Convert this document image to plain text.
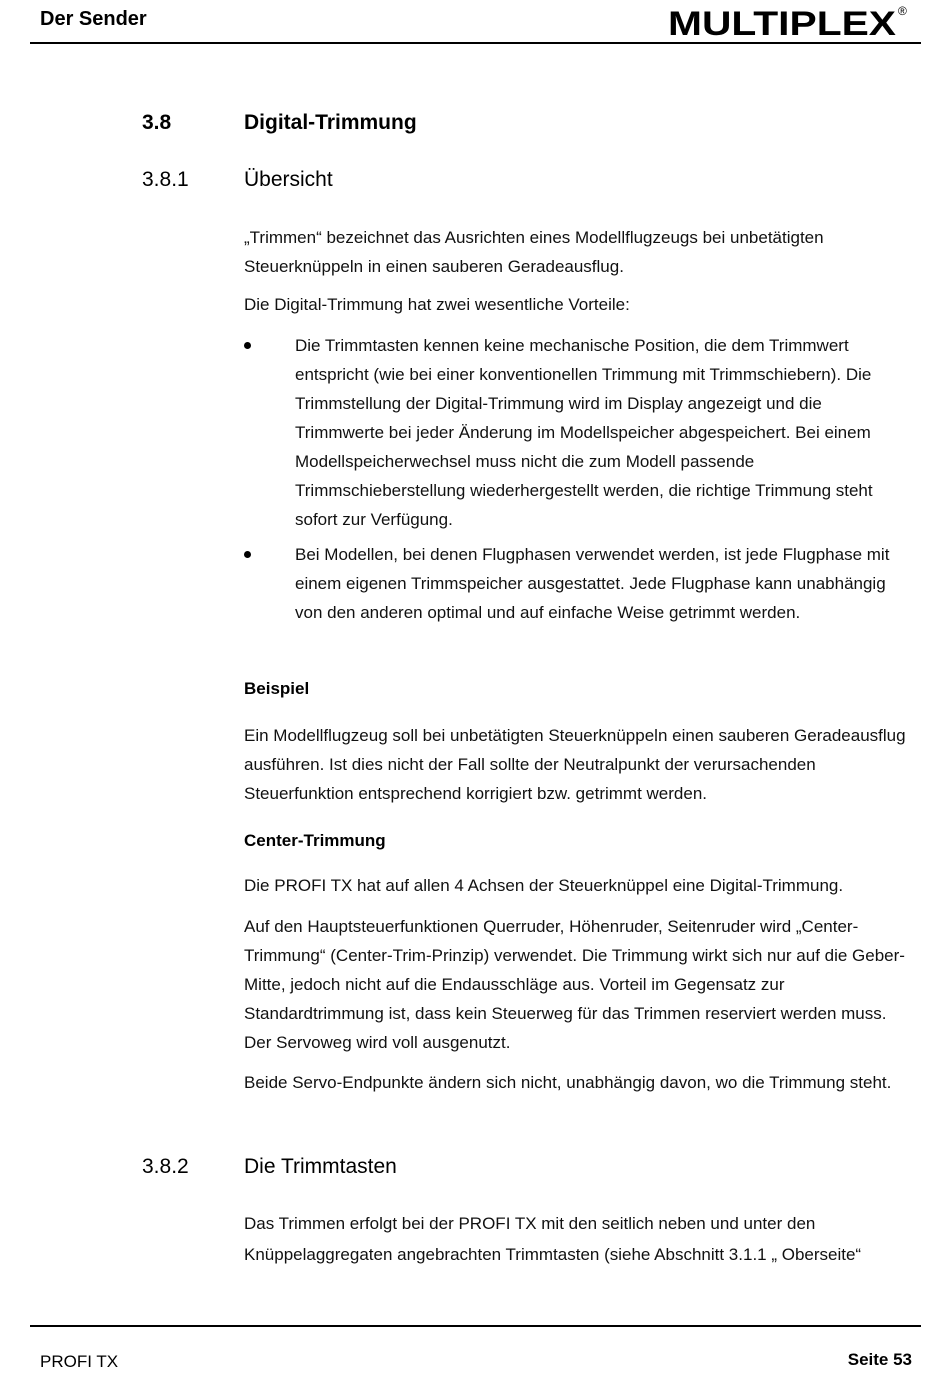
Der Sender	MULTIPLEX ®
3.8	Digital-Trimmung
3.8.1	Übersicht

„Trimmen“ bezeichnet das Ausrichten eines Modellflugzeugs bei unbetätigten Steuerknüppeln in einen sauberen Geradeausflug.

Die Digital-Trimmung hat zwei wesentliche Vorteile:

Die Trimmtasten kennen keine mechanische Position, die dem Trimmwert entspricht (wie bei einer konventionellen Trimmung mit Trimmschiebern). Die Trimmstellung der Digital-Trimmung wird im Display angezeigt und die Trimmwerte bei jeder Änderung im Modellspeicher abgespeichert. Bei einem Modellspeicherwechsel muss nicht die zum Modell passende Trimmschieberstellung wiederhergestellt werden, die richtige Trimmung steht sofort zur Verfügung.
Bei Modellen, bei denen Flugphasen verwendet werden, ist jede Flugphase mit einem eigenen Trimmspeicher ausgestattet. Jede Flugphase kann unabhängig von den anderen optimal und auf einfache Weise getrimmt werden.
Beispiel

Ein Modellflugzeug soll bei unbetätigten Steuerknüppeln einen sauberen Geradeausflug ausführen. Ist dies nicht der Fall sollte der Neutralpunkt der verursachenden Steuerfunktion entsprechend korrigiert bzw. getrimmt werden.

Center-Trimmung

Die PROFI TX hat auf allen 4 Achsen der Steuerknüppel eine Digital-Trimmung.

Auf den Hauptsteuerfunktionen Querruder, Höhenruder, Seitenruder wird „Center-Trimmung“ (Center-Trim-Prinzip) verwendet. Die Trimmung wirkt sich nur auf die Geber-Mitte, jedoch nicht auf die Endausschläge aus. Vorteil im Gegensatz zur Standardtrimmung ist, dass kein Steuerweg für das Trimmen reserviert werden muss. Der Servoweg wird voll ausgenutzt.

Beide Servo-Endpunkte ändern sich nicht, unabhängig davon, wo die Trimmung steht.

3.8.2	Die Trimmtasten

Das Trimmen erfolgt bei der PROFI TX mit den seitlich neben und unter den Knüppelaggregaten angebrachten Trimmtasten (siehe Abschnitt 3.1.1 „ Oberseite“

PROFI TX	Seite 53
